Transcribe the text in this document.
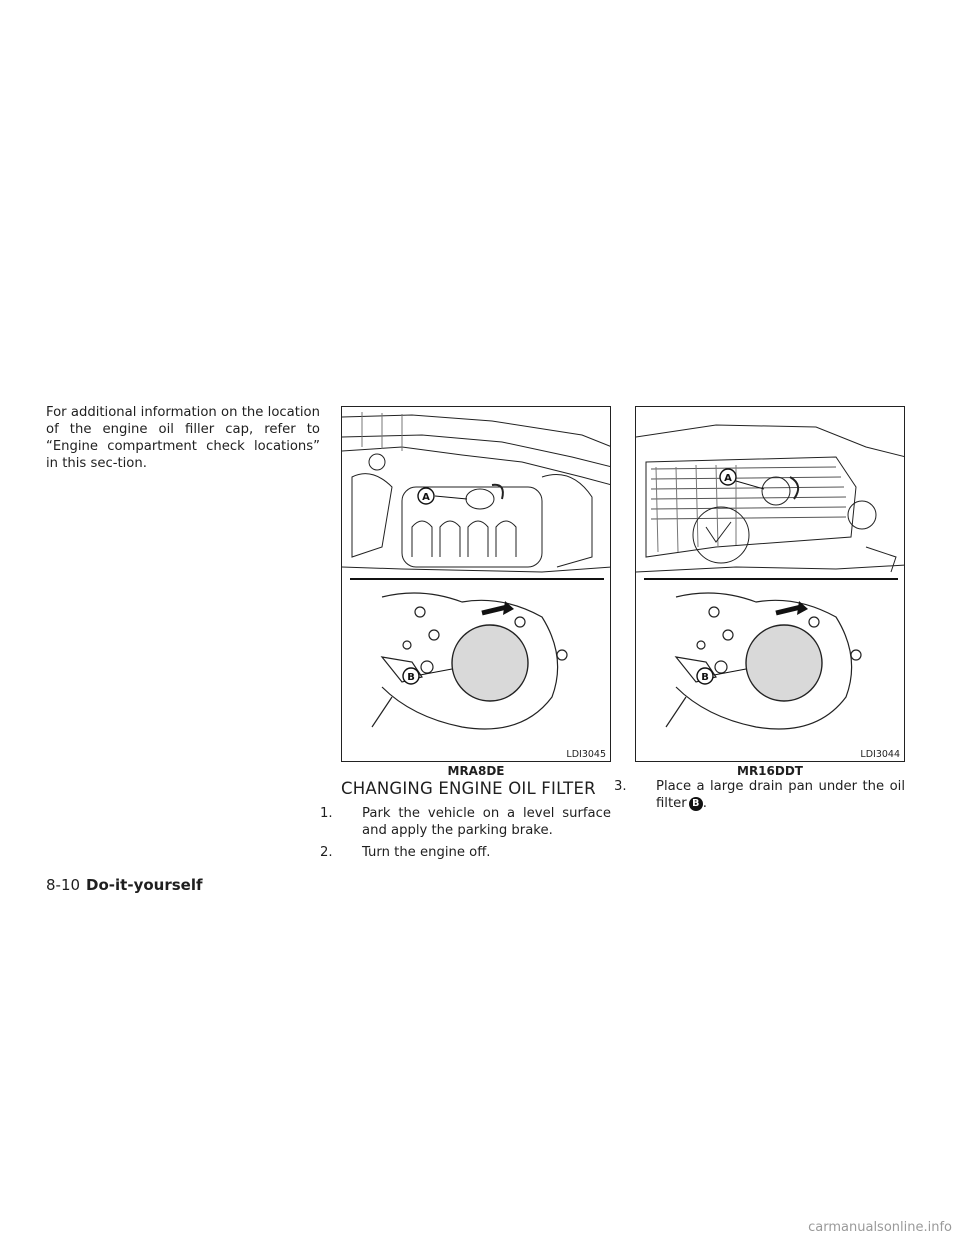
For additional information on the location of the engine oil filler cap, refer to “Engine compartment check locations” in this sec-tion.
A
B
LDI3045
MRA8DE
A
B
LDI3044
MR16DDT
CHANGING ENGINE OIL FILTER
1. Park the vehicle on a level surface and apply the parking brake.
2. Turn the engine off.
3. Place a large drain pan under the oil filter B .
8-10 Do-it-yourself
carmanualsonline.info
